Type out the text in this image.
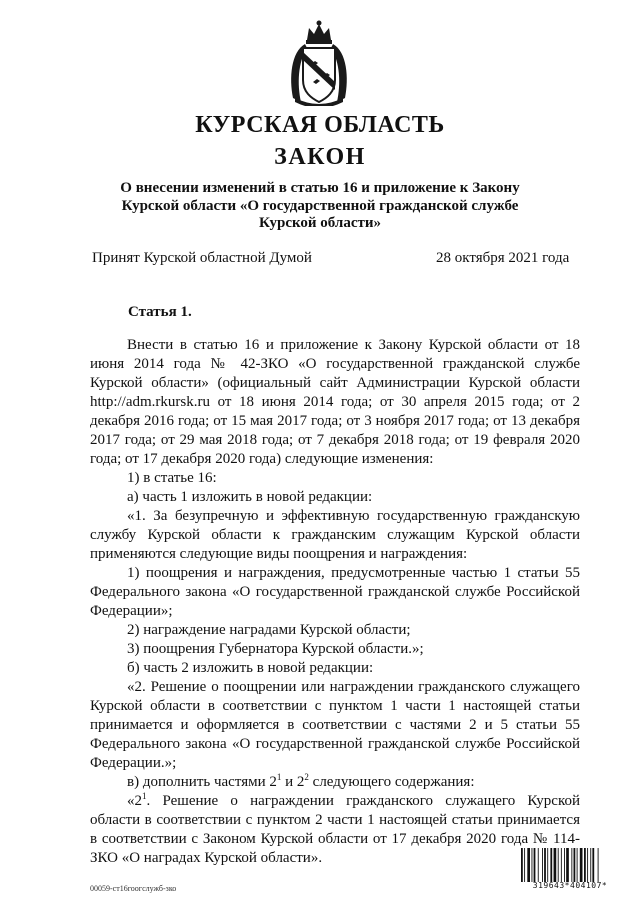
КУРСКАЯ ОБЛАСТЬ
ЗАКОН

О внесении изменений в статью 16 и приложение к Закону Курской области «О государственной гражданской службе Курской области»

Принят Курской областной Думой	28 октября 2021 года
Статья 1.

Внести в статью 16 и приложение к Закону Курской области от 18 июня 2014 года № 42-ЗКО «О государственной гражданской службе Курской области» (официальный сайт Администрации Курской области http://adm.rkursk.ru от 18 июня 2014 года; от 30 апреля 2015 года; от 2 декабря 2016 года; от 15 мая 2017 года; от 3 ноября 2017 года; от 13 декабря 2017 года; от 29 мая 2018 года; от 7 декабря 2018 года; от 19 февраля 2020 года; от 17 декабря 2020 года) следующие изменения:

1) в статье 16:

а) часть 1 изложить в новой редакции:

«1. За безупречную и эффективную государственную гражданскую службу Курской области к гражданским служащим Курской области применяются следующие виды поощрения и награждения:

1) поощрения и награждения, предусмотренные частью 1 статьи 55 Федерального закона «О государственной гражданской службе Российской Федерации»;

2) награждение наградами Курской области;

3) поощрения Губернатора Курской области.»;

б) часть 2 изложить в новой редакции:

«2. Решение о поощрении или награждении гражданского служащего Курской области в соответствии с пунктом 1 части 1 настоящей статьи принимается и оформляется в соответствии с частями 2 и 5 статьи 55 Федерального закона «О государственной гражданской службе Российской Федерации.»;

в) дополнить частями $2^1$ и $2^2$ следующего содержания:

«$2^1$. Решение о награждении гражданского служащего Курской области в соответствии с пунктом 2 части 1 настоящей статьи принимается в соответствии с Законом Курской области от 17 декабря 2020 года № 114-ЗКО «О наградах Курской области».

00059-ст16гоогслужб-зко	319643*404107*
